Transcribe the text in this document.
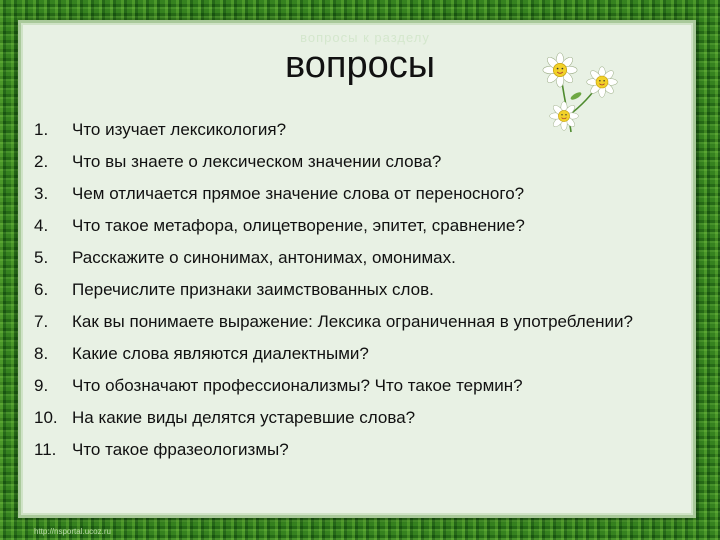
вопросы к разделу
вопросы
1.	Что изучает лексикология?
2.	Что вы знаете о лексическом значении слова?
3.	Чем отличается прямое значение слова от переносного?
4.	Что такое метафора, олицетворение, эпитет, сравнение?
5.	Расскажите о синонимах, антонимах, омонимах.
6.	Перечислите признаки заимствованных слов.
7.	Как вы понимаете выражение: Лексика ограниченная в употреблении?
8.	Какие слова являются диалектными?
9.	Что обозначают профессионализмы? Что такое термин?
10. На какие виды делятся устаревшие слова?
11. Что такое фразеологизмы?
http://nsportal.ucoz.ru
